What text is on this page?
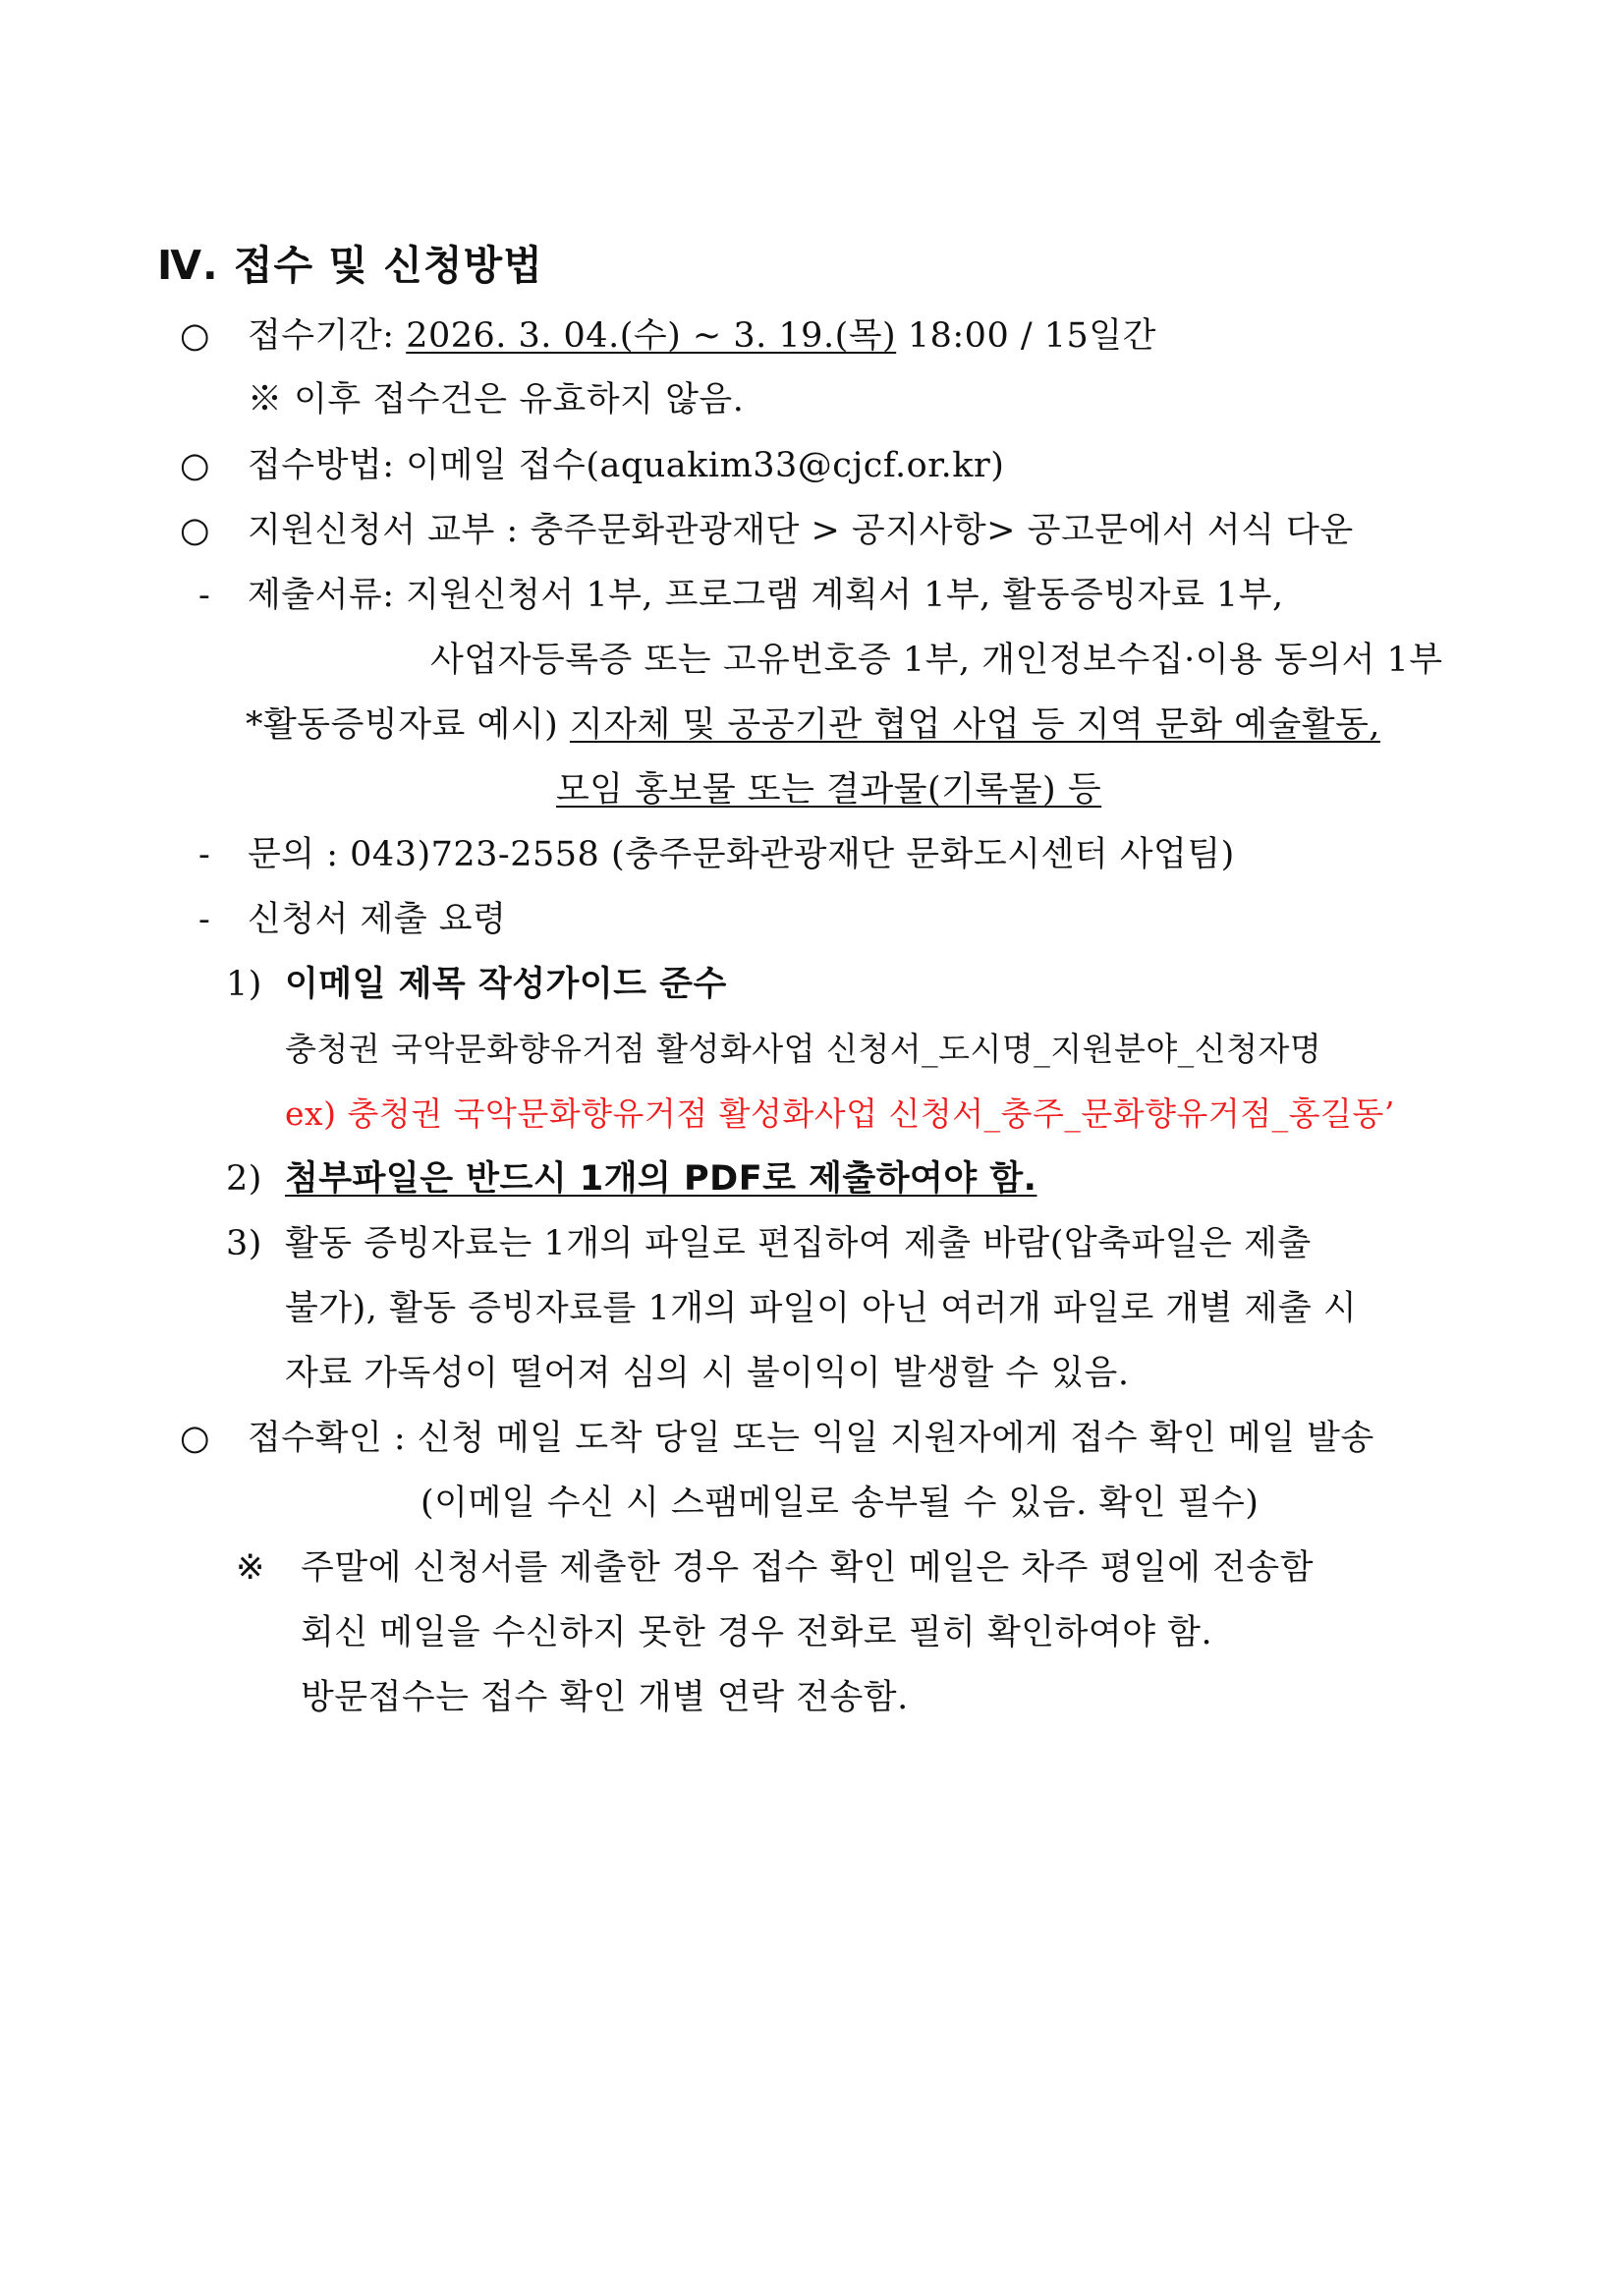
Ⅳ. 접수 및 신청방법
○ 접수기간: 2026. 3. 04.(수) ~ 3. 19.(목) 18:00 / 15일간
※ 이후 접수건은 유효하지 않음.
○ 접수방법: 이메일 접수(aquakim33@cjcf.or.kr)
○ 지원신청서 교부 : 충주문화관광재단 > 공지사항> 공고문에서 서식 다운
- 제출서류: 지원신청서 1부, 프로그램 계획서 1부, 활동증빙자료 1부,
사업자등록증 또는 고유번호증 1부, 개인정보수집·이용 동의서 1부
*활동증빙자료 예시) 지자체 및 공공기관 협업 사업 등 지역 문화 예술활동,
모임 홍보물 또는 결과물(기록물) 등
- 문의 : 043)723-2558 (충주문화관광재단 문화도시센터 사업팀)
- 신청서 제출 요령
1) 이메일 제목 작성가이드 준수
충청권 국악문화향유거점 활성화사업 신청서_도시명_지원분야_신청자명
ex) 충청권 국악문화향유거점 활성화사업 신청서_충주_문화향유거점_홍길동’
2) 첨부파일은 반드시 1개의 PDF로 제출하여야 함.
3) 활동 증빙자료는 1개의 파일로 편집하여 제출 바람(압축파일은 제출
불가), 활동 증빙자료를 1개의 파일이 아닌 여러개 파일로 개별 제출 시
자료 가독성이 떨어져 심의 시 불이익이 발생할 수 있음.
○ 접수확인 : 신청 메일 도착 당일 또는 익일 지원자에게 접수 확인 메일 발송
(이메일 수신 시 스팸메일로 송부될 수 있음. 확인 필수)
※ 주말에 신청서를 제출한 경우 접수 확인 메일은 차주 평일에 전송함
회신 메일을 수신하지 못한 경우 전화로 필히 확인하여야 함.
방문접수는 접수 확인 개별 연락 전송함.
